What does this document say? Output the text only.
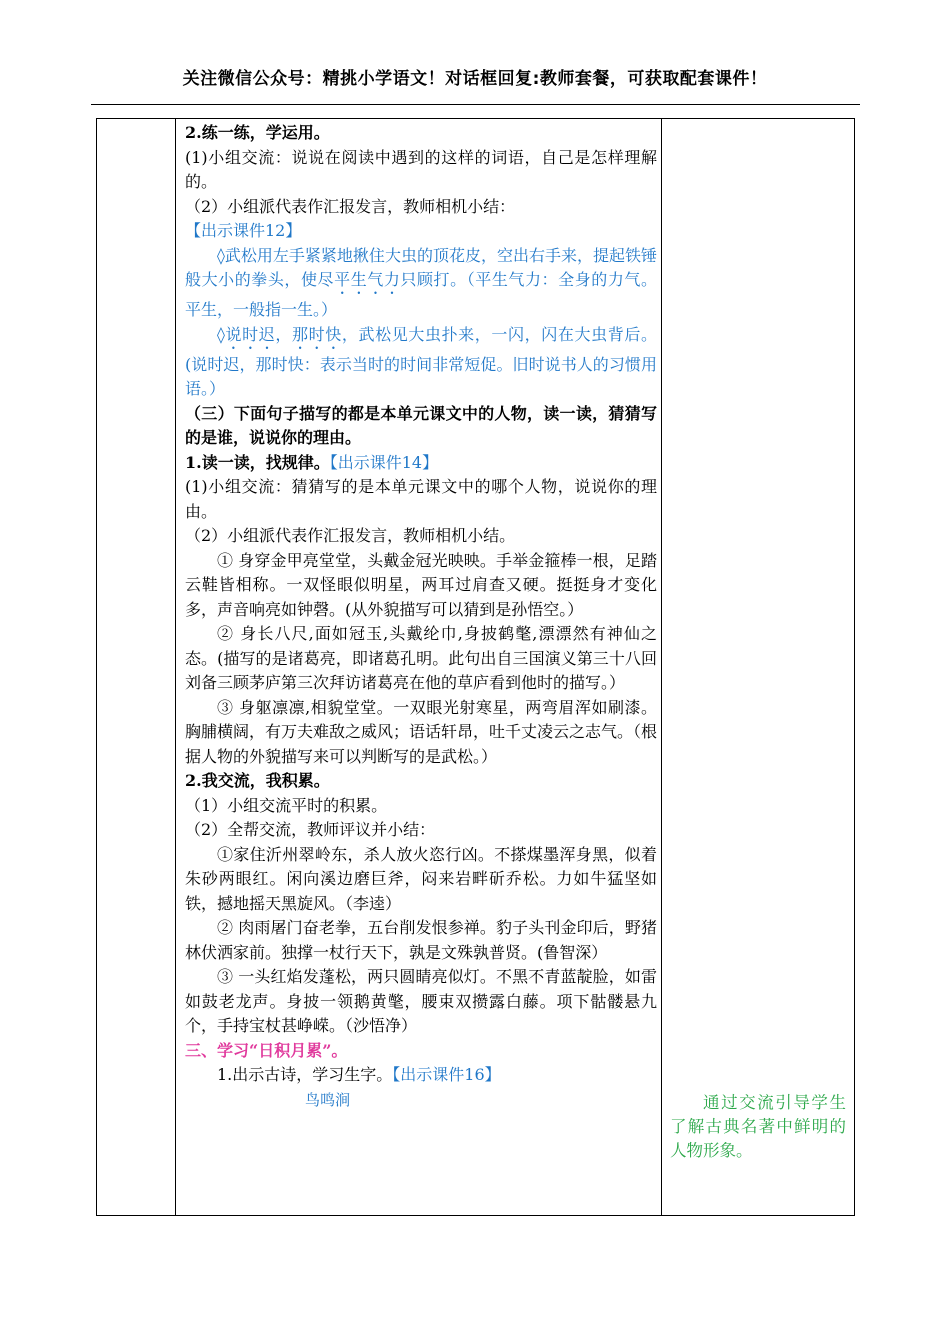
关注微信公众号：精挑小学语文！对话框回复:教师套餐，可获取配套课件！

2.练一练，学运用。

(1)小组交流：说说在阅读中遇到的这样的词语，自己是怎样理解的。

（2）小组派代表作汇报发言，教师相机小结：

【出示课件12】

◊武松用左手紧紧地揪住大虫的顶花皮，空出右手来，提起铁锤般大小的拳头，使尽平生气力只顾打。（平生气力：全身的力气。平生，一般指一生。）

◊说时迟，那时快，武松见大虫扑来，一闪，闪在大虫背后。(说时迟，那时快：表示当时的时间非常短促。旧时说书人的习惯用语。）

（三）下面句子描写的都是本单元课文中的人物，读一读，猜猜写的是谁，说说你的理由。

1.读一读，找规律。【出示课件14】

(1)小组交流：猜猜写的是本单元课文中的哪个人物，说说你的理由。

（2）小组派代表作汇报发言，教师相机小结。

① 身穿金甲亮堂堂，头戴金冠光映映。手举金箍棒一根，足踏云鞋皆相称。一双怪眼似明星，两耳过肩查又硬。挺挺身才变化多，声音响亮如钟磬。(从外貌描写可以猜到是孙悟空。）

② 身长八尺,面如冠玉,头戴纶巾,身披鹤氅,漂漂然有神仙之态。(描写的是诸葛亮，即诸葛孔明。此句出自三国演义第三十八回刘备三顾茅庐第三次拜访诸葛亮在他的草庐看到他时的描写。）

③ 身躯凛凛,相貌堂堂。一双眼光射寒星，两弯眉浑如刷漆。胸脯横阔，有万夫难敌之威风；语话轩昂，吐千丈凌云之志气。（根据人物的外貌描写来可以判断写的是武松。）

2.我交流，我积累。

（1）小组交流平时的积累。

（2）全帮交流，教师评议并小结：

①家住沂州翠岭东，杀人放火恣行凶。不搽煤墨浑身黑，似着朱砂两眼红。闲向溪边磨巨斧，闷来岩畔斫乔松。力如牛猛坚如铁，撼地摇天黑旋风。（李逵）

② 肉雨屠门奋老拳，五台削发恨参禅。豹子头刊金印后，野猪林伏洒家前。独撑一杖行天下，孰是文殊孰普贤。(鲁智深）

③ 一头红焰发蓬松，两只圆睛亮似灯。不黑不青蓝靛脸，如雷如鼓老龙声。身披一领鹅黄氅，腰束双攒露白藤。项下骷髅悬九个，手持宝杖甚峥嵘。（沙悟净）

三、学习“日积月累”。

1.出示古诗，学习生字。【出示课件16】

鸟鸣涧	通过交流引导学生了解古典名著中鲜明的人物形象。
